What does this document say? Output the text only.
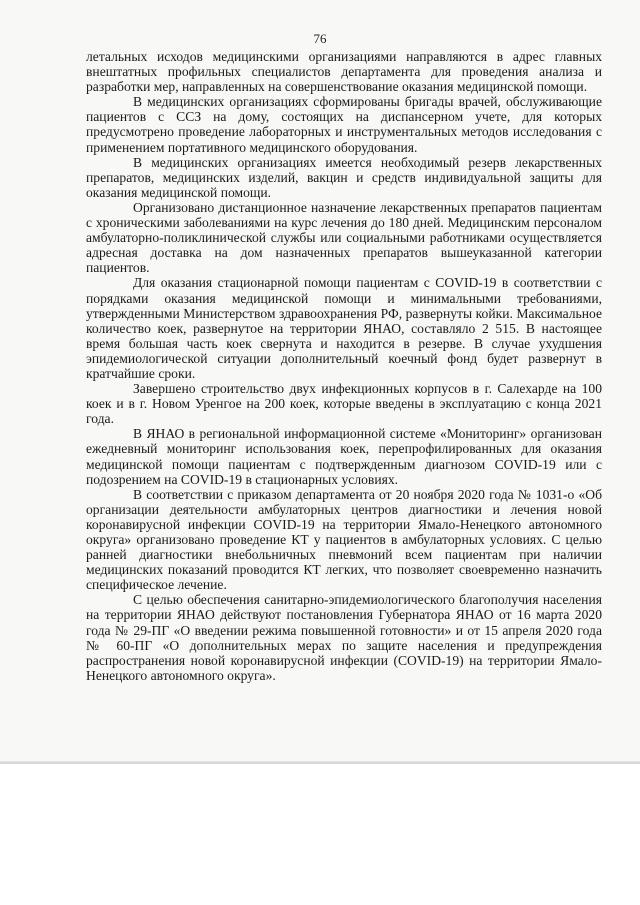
76

летальных исходов медицинскими организациями направляются в адрес главных внештатных профильных специалистов департамента для проведения анализа и разработки мер, направленных на совершенствование оказания медицинской помощи.

В медицинских организациях сформированы бригады врачей, обслуживающие пациентов с ССЗ на дому, состоящих на диспансерном учете, для которых предусмотрено проведение лабораторных и инструментальных методов исследования с применением портативного медицинского оборудования.

В медицинских организациях имеется необходимый резерв лекарственных препаратов, медицинских изделий, вакцин и средств индивидуальной защиты для оказания медицинской помощи.

Организовано дистанционное назначение лекарственных препаратов пациентам с хроническими заболеваниями на курс лечения до 180 дней. Медицинским персоналом амбулаторно-поликлинической службы или социальными работниками осуществляется адресная доставка на дом назначенных препаратов вышеуказанной категории пациентов.

Для оказания стационарной помощи пациентам с COVID-19 в соответствии с порядками оказания медицинской помощи и минимальными требованиями, утвержденными Министерством здравоохранения РФ, развернуты койки. Максимальное количество коек, развернутое на территории ЯНАО, составляло 2 515. В настоящее время большая часть коек свернута и находится в резерве. В случае ухудшения эпидемиологической ситуации дополнительный коечный фонд будет развернут в кратчайшие сроки.

Завершено строительство двух инфекционных корпусов в г. Салехарде на 100 коек и в г. Новом Уренгое на 200 коек, которые введены в эксплуатацию с конца 2021 года.

В ЯНАО в региональной информационной системе «Мониторинг» организован ежедневный мониторинг использования коек, перепрофилированных для оказания медицинской помощи пациентам с подтвержденным диагнозом COVID-19 или с подозрением на COVID-19 в стационарных условиях.

В соответствии с приказом департамента от 20 ноября 2020 года № 1031-о «Об организации деятельности амбулаторных центров диагностики и лечения новой коронавирусной инфекции COVID-19 на территории Ямало-Ненецкого автономного округа» организовано проведение КТ у пациентов в амбулаторных условиях. С целью ранней диагностики внебольничных пневмоний всем пациентам при наличии медицинских показаний проводится КТ легких, что позволяет своевременно назначить специфическое лечение.

С целью обеспечения санитарно-эпидемиологического благополучия населения на территории ЯНАО действуют постановления Губернатора ЯНАО от 16 марта 2020 года № 29-ПГ «О введении режима повышенной готовности» и от 15 апреля 2020 года № 60-ПГ «О дополнительных мерах по защите населения и предупреждения распространения новой коронавирусной инфекции (COVID-19) на территории Ямало-Ненецкого автономного округа».
